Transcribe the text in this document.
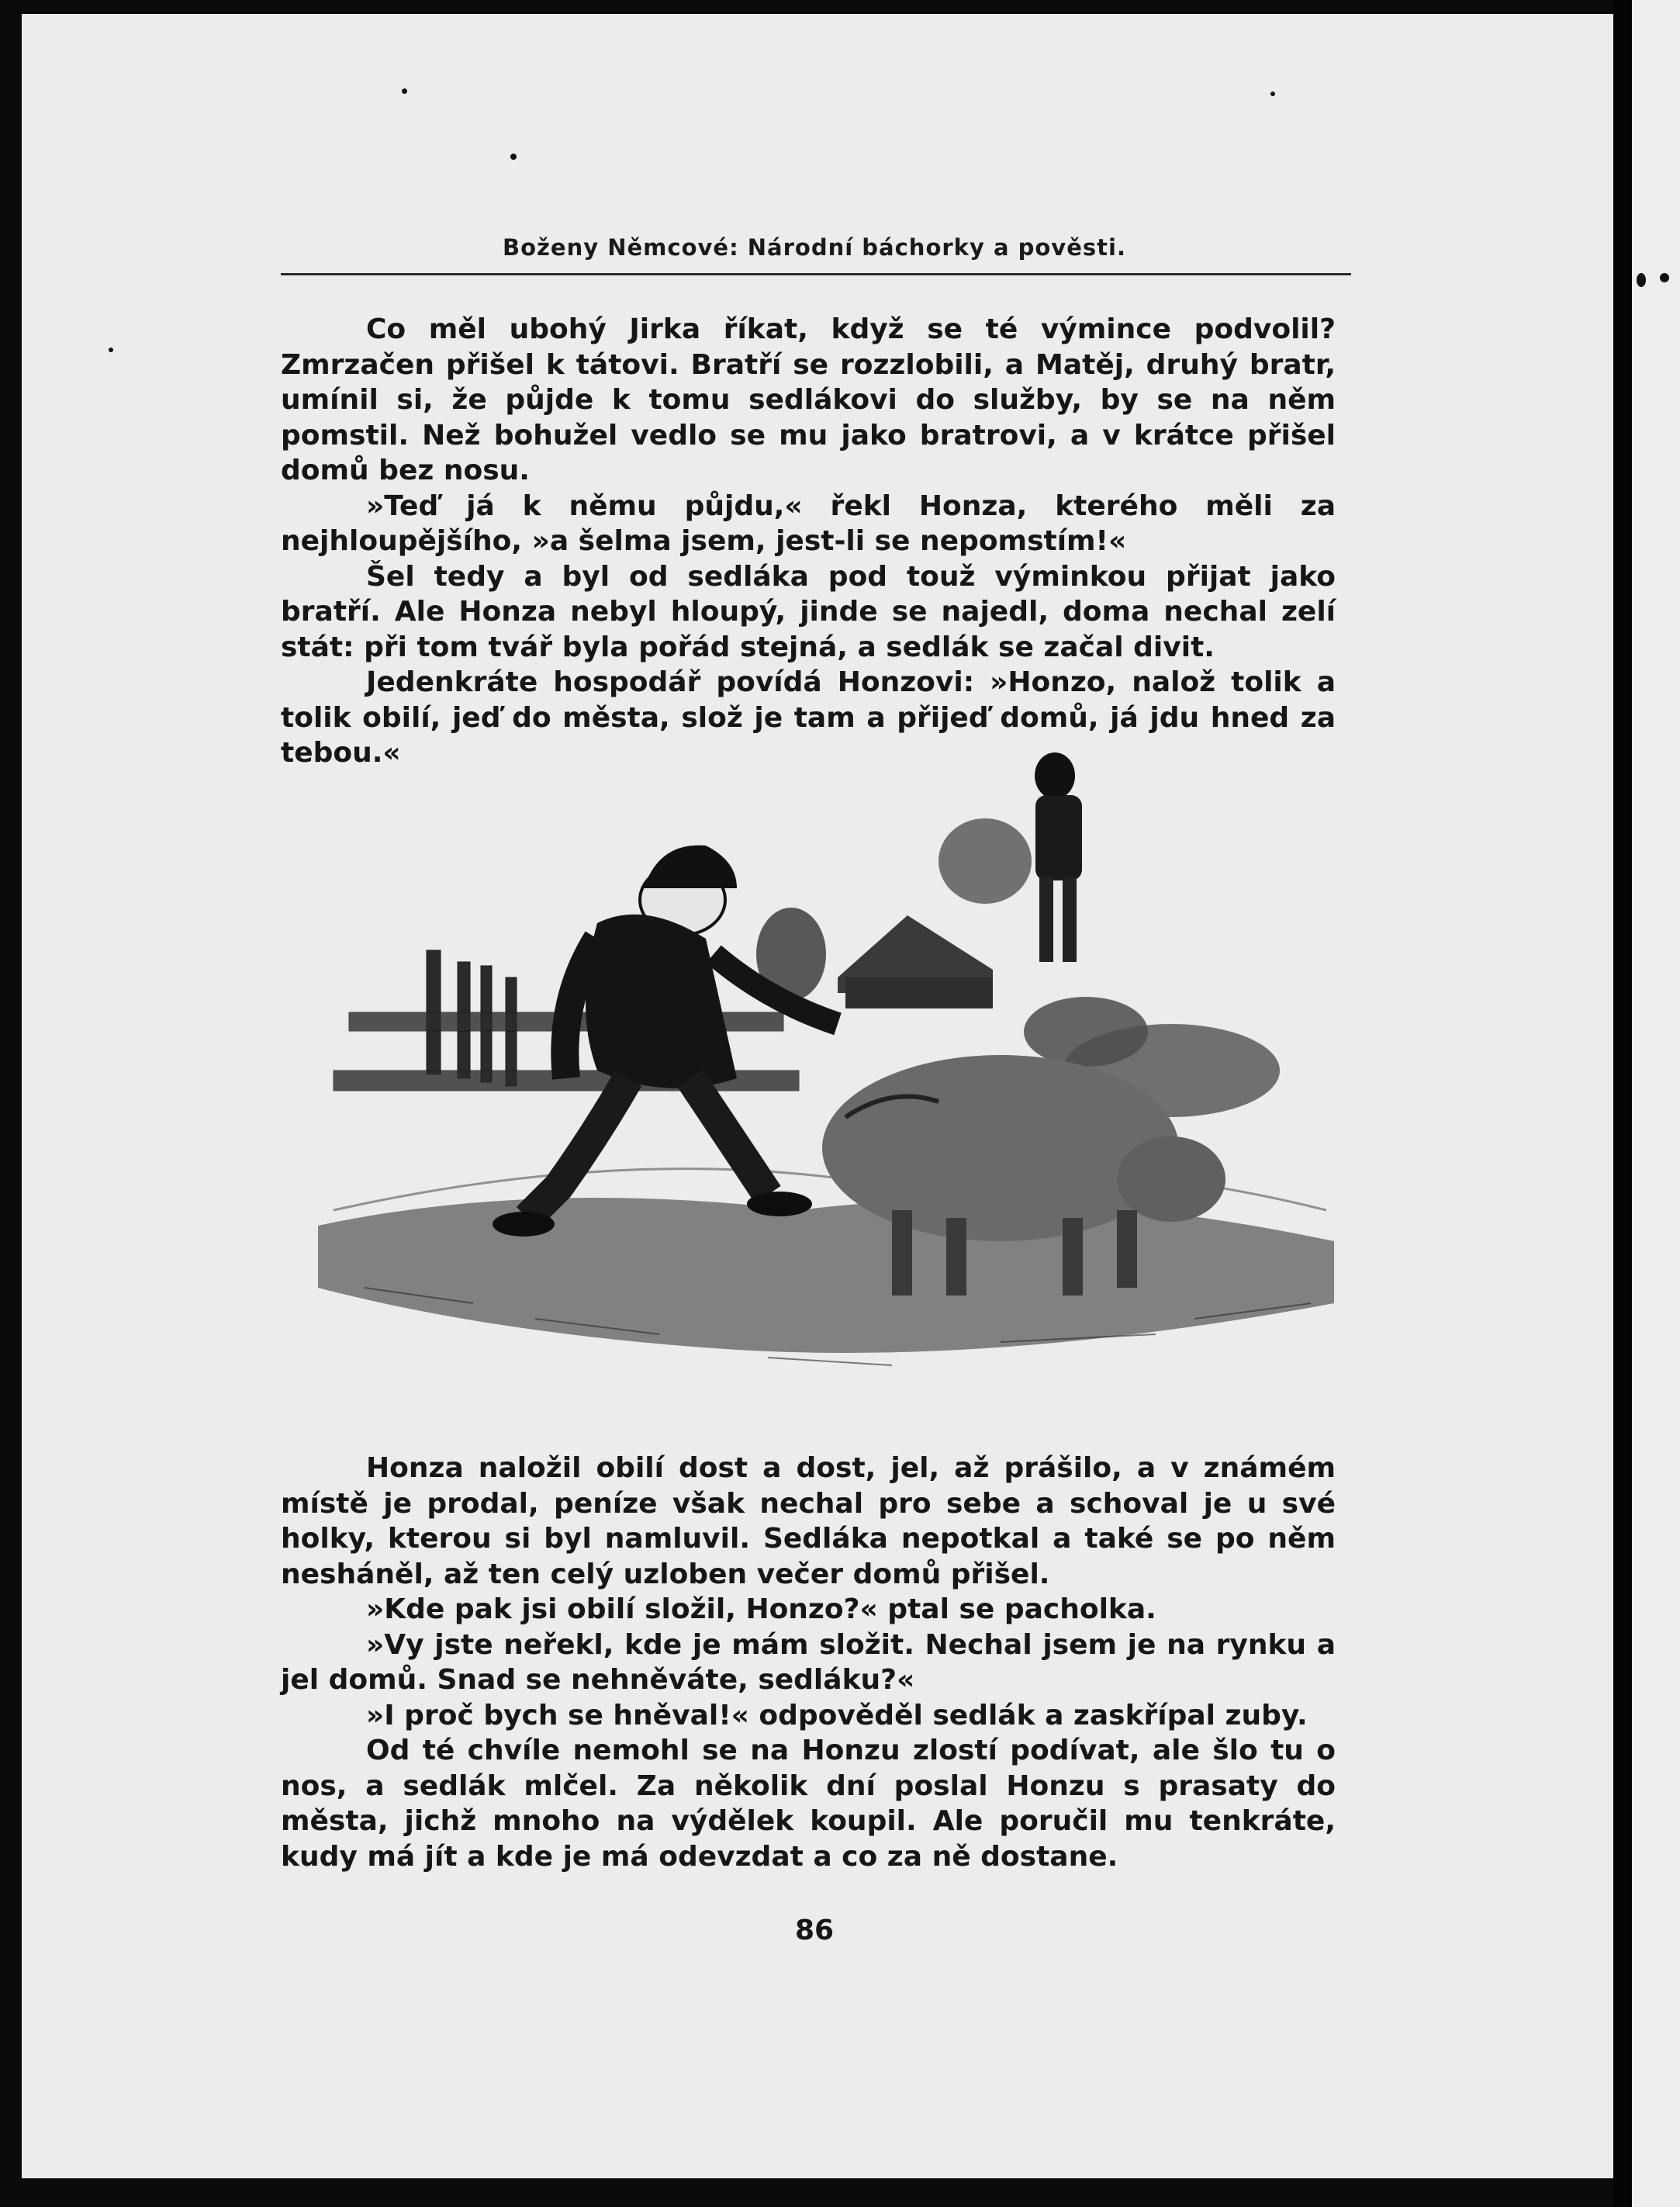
Boženy Němcové: Národní báchorky a pověsti.

Co měl ubohý Jirka říkat, když se té výmince podvolil? Zmrzačen přišel k tátovi. Bratří se rozzlobili, a Matěj, druhý bratr, umínil si, že půjde k tomu sedlákovi do služby, by se na něm pomstil. Než bohužel vedlo se mu jako bratrovi, a v krátce přišel domů bez nosu.

»Teď já k němu půjdu,« řekl Honza, kterého měli za nejhloupějšího, »a šelma jsem, jest-li se nepomstím!«

Šel tedy a byl od sedláka pod touž výminkou přijat jako bratří. Ale Honza nebyl hloupý, jinde se najedl, doma nechal zelí stát: při tom tvář byla pořád stejná, a sedlák se začal divit.

Jedenkráte hospodář povídá Honzovi: »Honzo, nalož tolik a tolik obilí, jeď do města, slož je tam a přijeď domů, já jdu hned za tebou.«

Honza naložil obilí dost a dost, jel, až prášilo, a v známém místě je prodal, peníze však nechal pro sebe a schoval je u své holky, kterou si byl namluvil. Sedláka nepotkal a také se po něm nesháněl, až ten celý uzloben večer domů přišel.

»Kde pak jsi obilí složil, Honzo?« ptal se pacholka.

»Vy jste neřekl, kde je mám složit. Nechal jsem je na rynku a jel domů. Snad se nehněváte, sedláku?«

»I proč bych se hněval!« odpověděl sedlák a zaskřípal zuby.

Od té chvíle nemohl se na Honzu zlostí podívat, ale šlo tu o nos, a sedlák mlčel. Za několik dní poslal Honzu s prasaty do města, jichž mnoho na výdělek koupil. Ale poručil mu tenkráte, kudy má jít a kde je má odevzdat a co za ně dostane.

86
